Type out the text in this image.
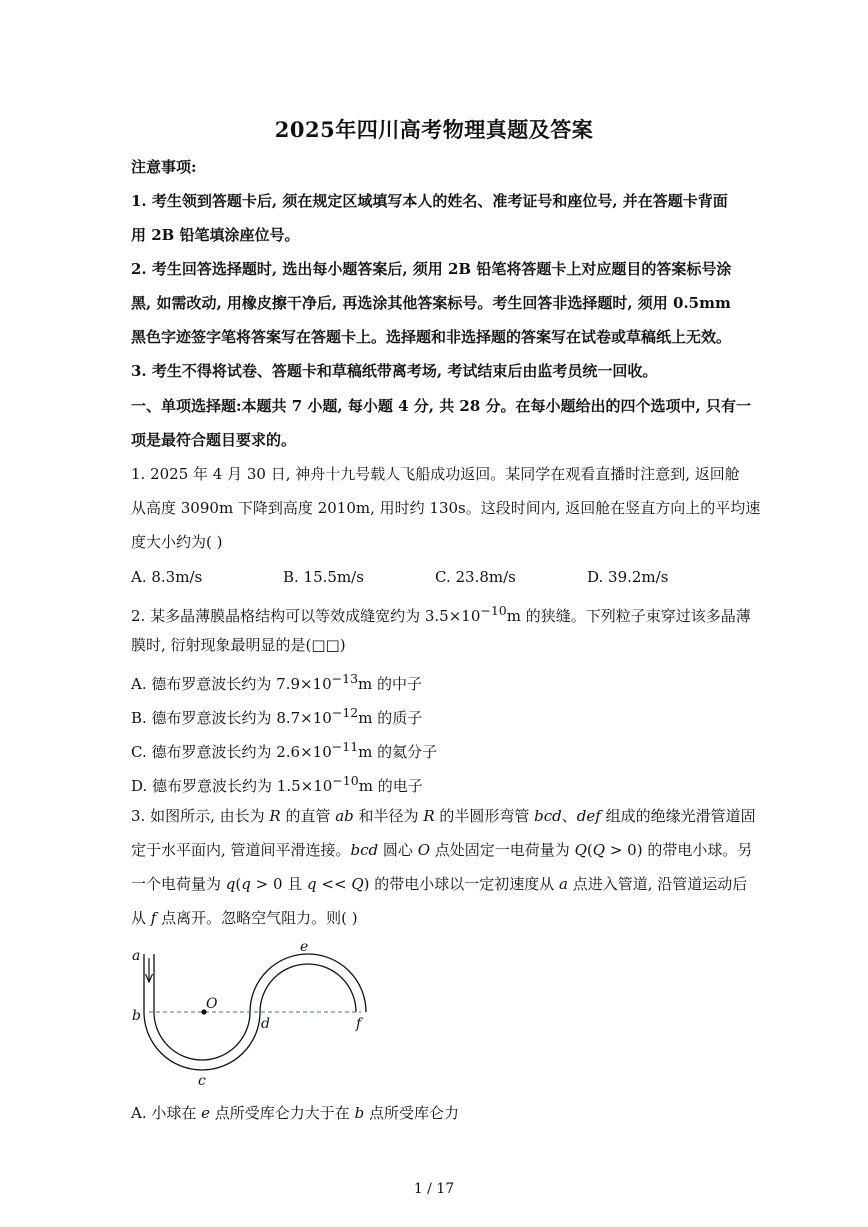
2025年四川高考物理真题及答案
注意事项:
1. 考生领到答题卡后, 须在规定区域填写本人的姓名、准考证号和座位号, 并在答题卡背面
用 2B 铅笔填涂座位号。
2. 考生回答选择题时, 选出每小题答案后, 须用 2B 铅笔将答题卡上对应题目的答案标号涂
黑, 如需改动, 用橡皮擦干净后, 再选涂其他答案标号。考生回答非选择题时, 须用 0.5mm
黑色字迹签字笔将答案写在答题卡上。选择题和非选择题的答案写在试卷或草稿纸上无效。
3. 考生不得将试卷、答题卡和草稿纸带离考场, 考试结束后由监考员统一回收。
一、单项选择题:本题共 7 小题, 每小题 4 分, 共 28 分。在每小题给出的四个选项中, 只有一
项是最符合题目要求的。
1. 2025 年 4 月 30 日, 神舟十九号载人飞船成功返回。某同学在观看直播时注意到, 返回舱
从高度 3090m 下降到高度 2010m, 用时约 130s。这段时间内, 返回舱在竖直方向上的平均速
度大小约为( )
A. 8.3m/s	B. 15.5m/s	C. 23.8m/s	D. 39.2m/s
2. 某多晶薄膜晶格结构可以等效成缝宽约为 $3.5\times 10^{-10}m$ 的狭缝。下列粒子束穿过该多晶薄
膜时, 衍射现象最明显的是(□□)
A. 德布罗意波长约为 $7.9\times 10^{-13}m$ 的中子
B. 德布罗意波长约为 $8.7\times 10^{-12}m$ 的质子
C. 德布罗意波长约为 $2.6\times 10^{-11}m$ 的氦分子
D. 德布罗意波长约为 $1.5\times 10^{-10}m$ 的电子
3. 如图所示, 由长为 R 的直管 ab 和半径为 R 的半圆形弯管 bcd、def 组成的绝缘光滑管道固
定于水平面内, 管道间平滑连接。bcd 圆心 O 点处固定一电荷量为 Q(Q > 0) 的带电小球。另
一个电荷量为 q(q > 0 且 q << Q) 的带电小球以一定初速度从 a 点进入管道, 沿管道运动后
从 f 点离开。忽略空气阻力。则( )
a
b
c
d
e
f
O
A. 小球在 e 点所受库仑力大于在 b 点所受库仑力
1 / 17
